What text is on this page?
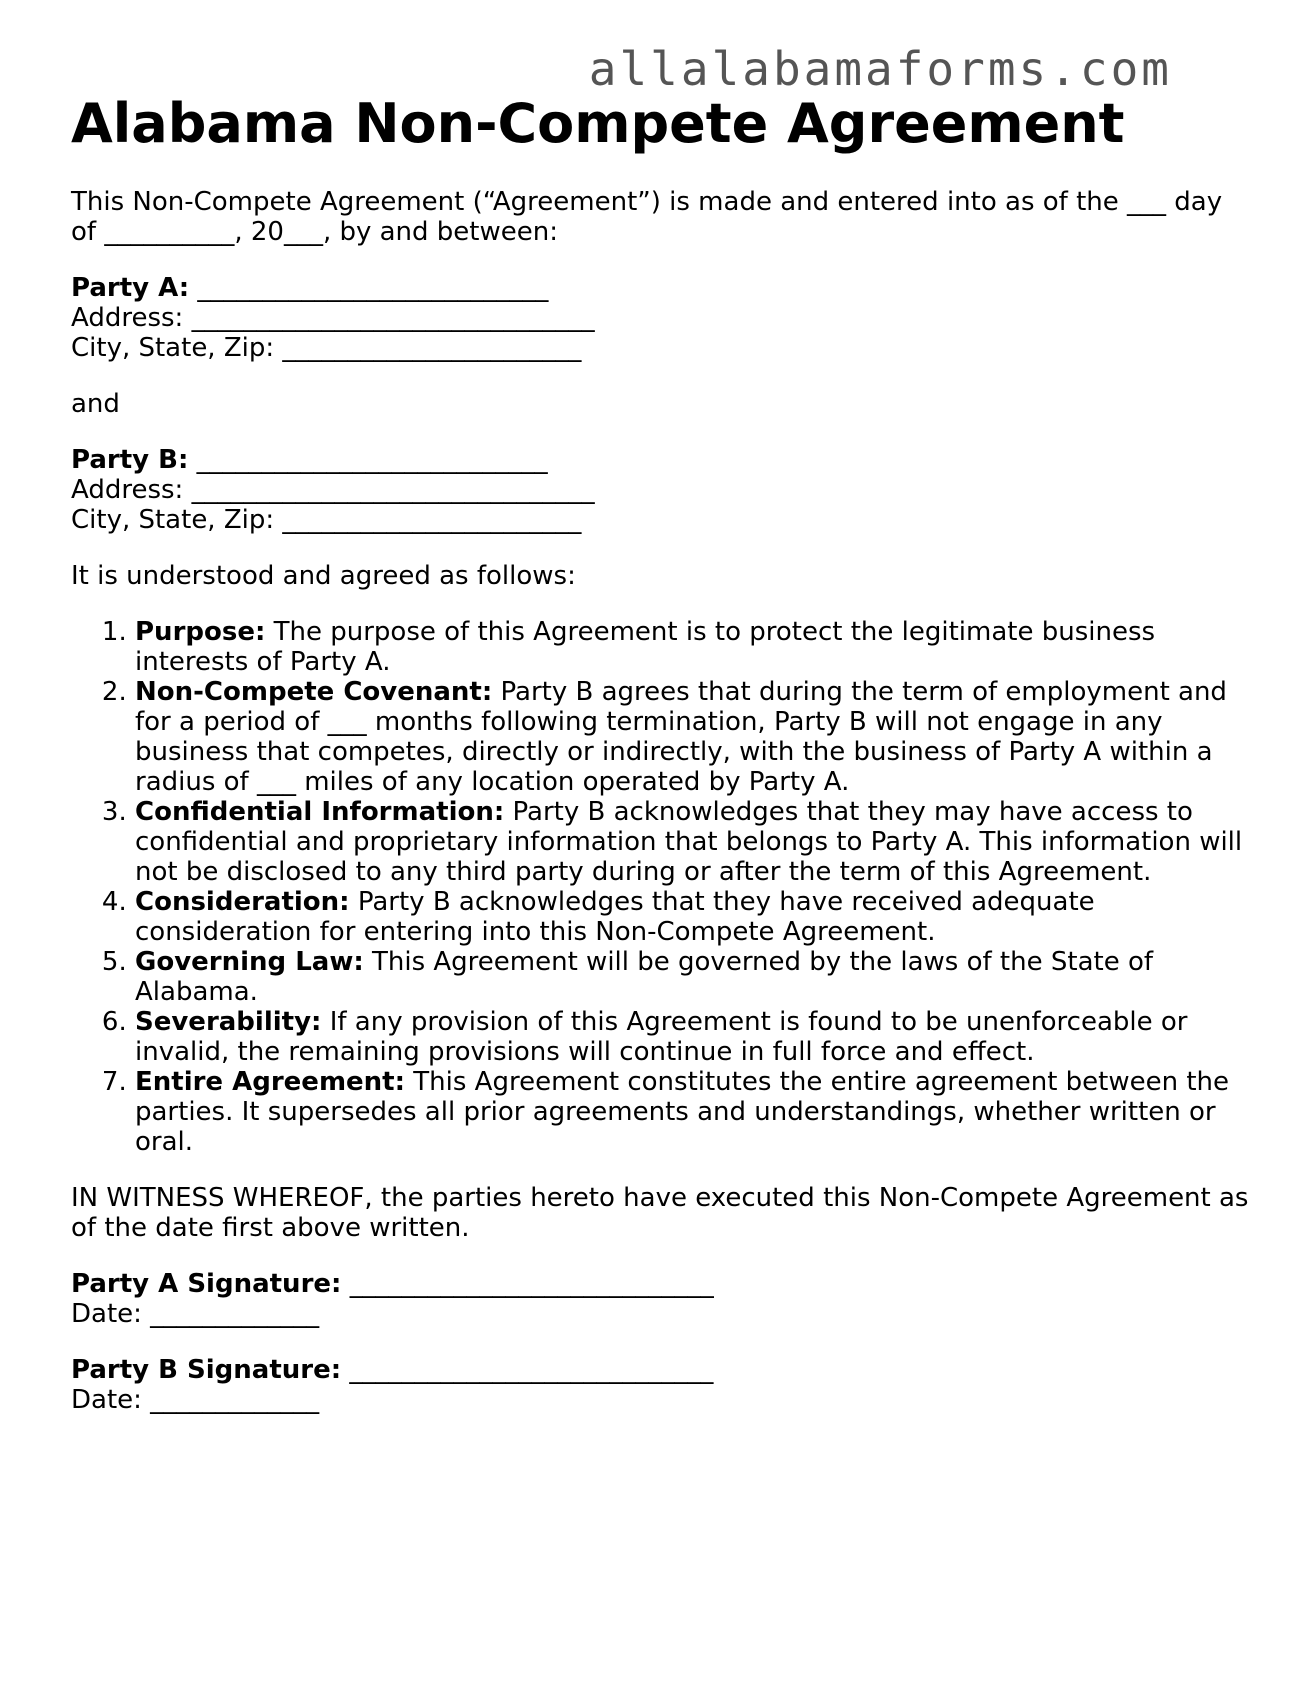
allalabamaforms.com
Alabama Non-Compete Agreement

This Non-Compete Agreement (“Agreement”) is made and entered into as of the ___ day of __________, 20___, by and between:

Party A: ___________________________

Address: _______________________________

City, State, Zip: _______________________

and

Party B: ___________________________

Address: _______________________________

City, State, Zip: _______________________

It is understood and agreed as follows:

1. Purpose: The purpose of this Agreement is to protect the legitimate business interests of Party A.
2. Non-Compete Covenant: Party B agrees that during the term of employment and for a period of ___ months following termination, Party B will not engage in any business that competes, directly or indirectly, with the business of Party A within a radius of ___ miles of any location operated by Party A.
3. Confidential Information: Party B acknowledges that they may have access to confidential and proprietary information that belongs to Party A. This information will not be disclosed to any third party during or after the term of this Agreement.
4. Consideration: Party B acknowledges that they have received adequate consideration for entering into this Non-Compete Agreement.
5. Governing Law: This Agreement will be governed by the laws of the State of Alabama.
6. Severability: If any provision of this Agreement is found to be unenforceable or invalid, the remaining provisions will continue in full force and effect.
7. Entire Agreement: This Agreement constitutes the entire agreement between the parties. It supersedes all prior agreements and understandings, whether written or oral.

IN WITNESS WHEREOF, the parties hereto have executed this Non-Compete Agreement as of the date first above written.

Party A Signature: ____________________________

Date: _____________

Party B Signature: ____________________________

Date: _____________
